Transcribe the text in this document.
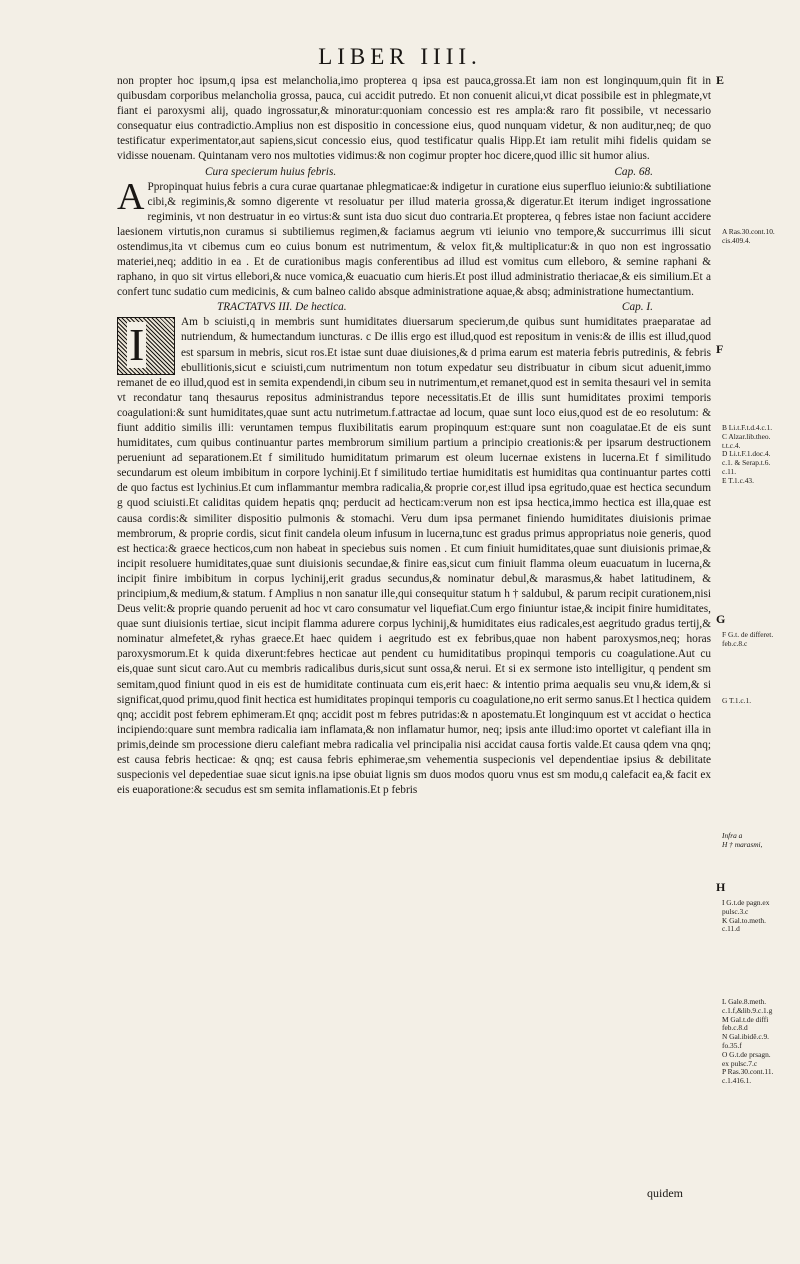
LIBER IIII.

non propter hoc ipsum,q ipsa est melancholia,imo propterea q ipsa est pauca,grossa.Et iam non est longinquum,quin fit in quibusdam corporibus melancholia grossa, pauca, cui accidit putredo. Et non conuenit alicui,vt dicat possibile est in phlegmate,vt fiant ei paroxysmi alij, quado ingrossatur,& minoratur:quoniam concessio est res ampla:& raro fit possibile, vt necessario consequatur eius contradictio.Amplius non est dispositio in concessione eius, quod nunquam videtur, & non auditur,neq; de quo testificatur experimentator,aut sapiens,sicut concessio eius, quod testificatur qualis Hipp.Et iam retulit mihi fidelis quidam se vidisse nouenam. Quintanam vero nos multoties vidimus:& non cogimur propter hoc dicere,quod illic sit humor alius.

Cura specierum huius febris.	Cap. 68.

A Ppropinquat huius febris a cura curae quartanae phlegmaticae:& indigetur in curatione eius superfluo ieiunio:& subtiliatione cibi,& regiminis,& somno digerente vt resoluatur per illud materia grossa,& digeratur.Et iterum indiget ingrossatione regiminis, vt non destruatur in eo virtus:& sunt ista duo sicut duo contraria.Et propterea, q febres istae non faciunt accidere laesionem virtutis,non curamus si subtiliemus regimen,& faciamus aegrum vti ieiunio vno tempore,& succurrimus illi sicut ostendimus,ita vt cibemus cum eo cuius bonum est nutrimentum, & velox fit,& multiplicatur:& in quo non est ingrossatio materiei,neq; additio in ea . Et de curationibus magis conferentibus ad illud est vomitus cum elleboro, & semine raphani & raphano, in quo sit virtus ellebori,& nuce vomica,& euacuatio cum hieris.Et post illud administratio theriacae,& eis similium.Et a confert tunc sudatio cum medicinis, & cum balneo calido absque administratione aquae,& absq; administratione humectantium.

TRACTATVS III. De hectica.	Cap. I.

I	Am b sciuisti,q in membris sunt humiditates diuersarum specierum,de quibus sunt humiditates praeparatae ad nutriendum, & humectandum iuncturas. c De illis ergo est illud,quod est repositum in venis:& de illis est illud,quod est sparsum in mebris, sicut ros.Et istae sunt duae diuisiones,& d prima earum est materia febris putredinis, & febris ebullitionis,sicut e sciuisti,cum nutrimentum non totum expedatur seu distribuatur in cibum sicut aduenit,immo remanet de eo illud,quod est in semita expendendi,in cibum seu in nutrimentum,et remanet,quod est in semita thesauri vel in semita vt recondatur tanq thesaurus repositus administrandus tepore necessitatis.Et de illis sunt humiditates proximi temporis coagulationi:& sunt humiditates,quae sunt actu nutrimetum.f.attractae ad locum, quae sunt loco eius,quod est de eo resolutum: & fiunt additio similis illi: veruntamen tempus fluxibilitatis earum propinquum est:quare sunt non coagulatae.Et de eis sunt humiditates, cum quibus continuantur partes membrorum similium partium a principio creationis:& per ipsarum destructionem perueniunt ad separationem.Et f similitudo humiditatum primarum est oleum lucernae existens in lucerna.Et f similitudo secundarum est oleum imbibitum in corpore lychinij.Et f similitudo tertiae humiditatis est humiditas qua continuantur partes cotti de quo factus est lychinius.Et cum inflammantur membra radicalia,& proprie cor,est illud ipsa egritudo,quae est hectica secundum g quod sciuisti.Et caliditas quidem hepatis qnq; perducit ad hecticam:verum non est ipsa hectica,immo hectica est illa,quae est causa cordis:& similiter dispositio pulmonis & stomachi. Veru dum ipsa permanet finiendo humiditates diuisionis primae membrorum, & proprie cordis, sicut finit candela oleum infusum in lucerna,tunc est gradus primus appropriatus noie generis, quod est hectica:& graece hecticos,cum non habeat in speciebus suis nomen . Et cum finiuit humiditates,quae sunt diuisionis primae,& incipit resoluere humiditates,quae sunt diuisionis secundae,& finire eas,sicut cum finiuit flamma oleum euacuatum in lucerna,& incipit finire imbibitum in corpus lychinij,erit gradus secundus,& nominatur debul,& marasmus,& habet latitudinem, & principium,& medium,& statum. f Amplius n non sanatur ille,qui consequitur statum h † saldubul, & parum recipit curationem,nisi Deus velit:& proprie quando peruenit ad hoc vt caro consumatur vel liquefiat.Cum ergo finiuntur istae,& incipit finire humiditates, quae sunt diuisionis tertiae, sicut incipit flamma adurere corpus lychinij,& humiditates eius radicales,est aegritudo gradus tertij,& nominatur almefetet,& ryhas graece.Et haec quidem i aegritudo est ex febribus,quae non habent paroxysmos,neq; horas paroxysmorum.Et k quida dixerunt:febres hecticae aut pendent cu humiditatibus propinqui temporis cu coagulatione.Aut cu eis,quae sunt sicut caro.Aut cu membris radicalibus duris,sicut sunt ossa,& nerui. Et si ex sermone isto intelligitur, q pendent sm semitam,quod finiunt quod in eis est de humiditate continuata cum eis,erit haec: & intentio prima aequalis seu vnu,& idem,& si significat,quod primu,quod finit hectica est humiditates propinqui temporis cu coagulatione,no erit sermo sanus.Et l hectica quidem qnq; accidit post febrem ephimeram.Et qnq; accidit post m febres putridas:& n apostematu.Et longinquum est vt accidat o hectica incipiendo:quare sunt membra radicalia iam inflamata,& non inflamatur humor, neq; ipsis ante illud:imo oportet vt calefiant illa in primis,deinde sm processione dieru calefiant mebra radicalia vel principalia nisi accidat causa fortis valde.Et causa qdem vna qnq; est causa febris hecticae: & qnq; est causa febris ephimerae,sm vehementia suspecionis vel dependentiae ipsius & debilitate suspecionis vel depedentiae suae sicut ignis.na ipse obuiat lignis sm duos modos quoru vnus est sm modu,q calefacit ea,& facit ex eis euaporatione:& secudus est sm semita inflamationis.Et p febris

E
F
G
H
A Ras.30.cont.10.
cis.409.4.
B Li.t.F.t.d.4.c.1.
C Alzar.lib.theo.
t.t.c.4.
D Li.t.F.1.doc.4.
c.1. & Serap.t.6.
c.11.
E T.1.c.43.
F G.t. de differet.
feb.c.8.c
G T.1.c.1.
Infra a
H † marasmi,
I G.t.de pagn.ex
pulsc.3.c
K Gal.to.meth.
c.11.d
L Gale.8.meth.
c.1.f,&lib.9.c.1.g
M Gal.t.de diffi
feb.c.8.d
N Gal.ibidē.c.9.
fo.35.f
O G.t.de prsagn.
ex pulsc.7.c
P Ras.30.cont.11.
c.1.416.1.
quidem
